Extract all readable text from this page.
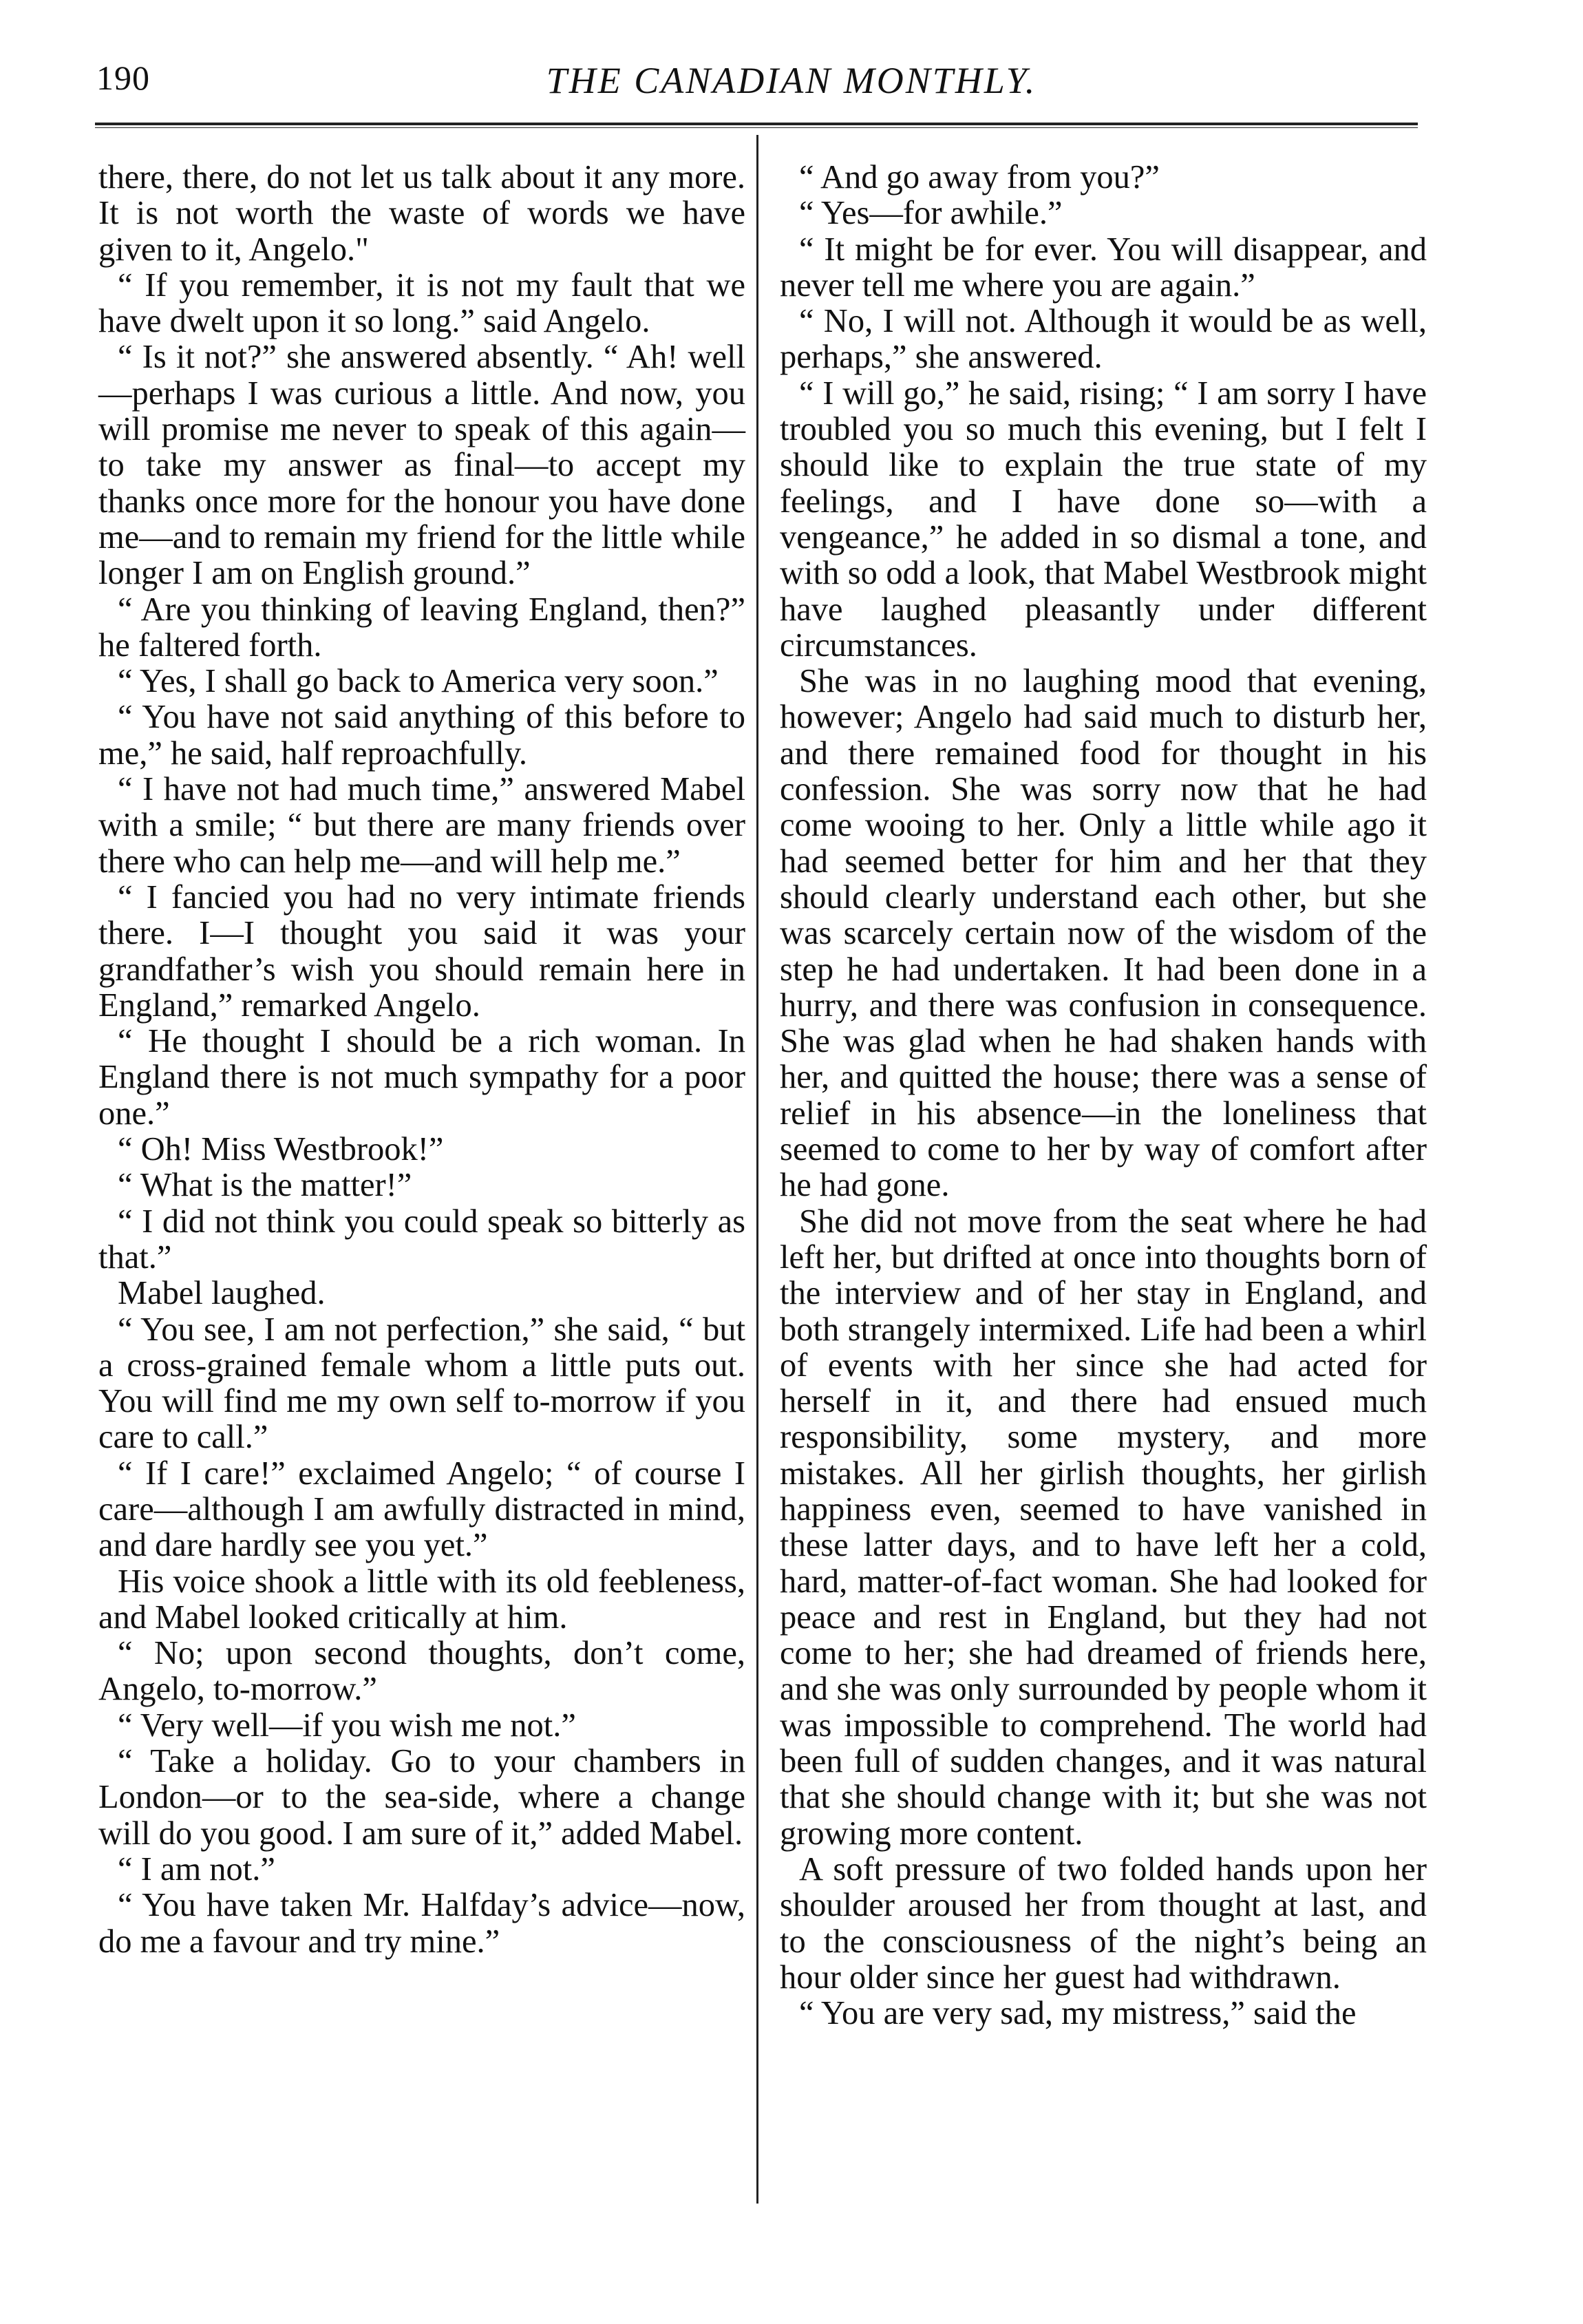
190	THE CANADIAN MONTHLY.

there, there, do not let us talk about it any more. It is not worth the waste of words we have given to it, Angelo."

“ If you remember, it is not my fault that we have dwelt upon it so long.” said Angelo.

“ Is it not?” she answered absently. “ Ah! well—perhaps I was curious a little. And now, you will promise me never to speak of this again—to take my answer as final—to accept my thanks once more for the honour you have done me—and to remain my friend for the little while longer I am on English ground.”

“ Are you thinking of leaving England, then?” he faltered forth.

“ Yes, I shall go back to America very soon.”

“ You have not said anything of this before to me,” he said, half reproachfully.

“ I have not had much time,” answered Mabel with a smile; “ but there are many friends over there who can help me—and will help me.”

“ I fancied you had no very intimate friends there. I—I thought you said it was your grandfather’s wish you should remain here in England,” remarked Angelo.

“ He thought I should be a rich woman. In England there is not much sympathy for a poor one.”

“ Oh! Miss Westbrook!”

“ What is the matter!”

“ I did not think you could speak so bitterly as that.”

Mabel laughed.

“ You see, I am not perfection,” she said, “ but a cross-grained female whom a little puts out. You will find me my own self to-morrow if you care to call.”

“ If I care!” exclaimed Angelo; “ of course I care—although I am awfully distracted in mind, and dare hardly see you yet.”

His voice shook a little with its old feebleness, and Mabel looked critically at him.

“ No; upon second thoughts, don’t come, Angelo, to-morrow.”

“ Very well—if you wish me not.”

“ Take a holiday. Go to your chambers in London—or to the sea-side, where a change will do you good. I am sure of it,” added Mabel.

“ I am not.”

“ You have taken Mr. Halfday’s advice—now, do me a favour and try mine.”

“ And go away from you?”

“ Yes—for awhile.”

“ It might be for ever. You will disappear, and never tell me where you are again.”

“ No, I will not. Although it would be as well, perhaps,” she answered.

“ I will go,” he said, rising; “ I am sorry I have troubled you so much this evening, but I felt I should like to explain the true state of my feelings, and I have done so—with a vengeance,” he added in so dismal a tone, and with so odd a look, that Mabel Westbrook might have laughed pleasantly under different circumstances.

She was in no laughing mood that evening, however; Angelo had said much to disturb her, and there remained food for thought in his confession. She was sorry now that he had come wooing to her. Only a little while ago it had seemed better for him and her that they should clearly understand each other, but she was scarcely certain now of the wisdom of the step he had undertaken. It had been done in a hurry, and there was confusion in consequence. She was glad when he had shaken hands with her, and quitted the house; there was a sense of relief in his absence—in the loneliness that seemed to come to her by way of comfort after he had gone.

She did not move from the seat where he had left her, but drifted at once into thoughts born of the interview and of her stay in England, and both strangely intermixed. Life had been a whirl of events with her since she had acted for herself in it, and there had ensued much responsibility, some mystery, and more mistakes. All her girlish thoughts, her girlish happiness even, seemed to have vanished in these latter days, and to have left her a cold, hard, matter-of-fact woman. She had looked for peace and rest in England, but they had not come to her; she had dreamed of friends here, and she was only surrounded by people whom it was impossible to comprehend. The world had been full of sudden changes, and it was natural that she should change with it; but she was not growing more content.

A soft pressure of two folded hands upon her shoulder aroused her from thought at last, and to the consciousness of the night’s being an hour older since her guest had withdrawn.

“ You are very sad, my mistress,” said the
